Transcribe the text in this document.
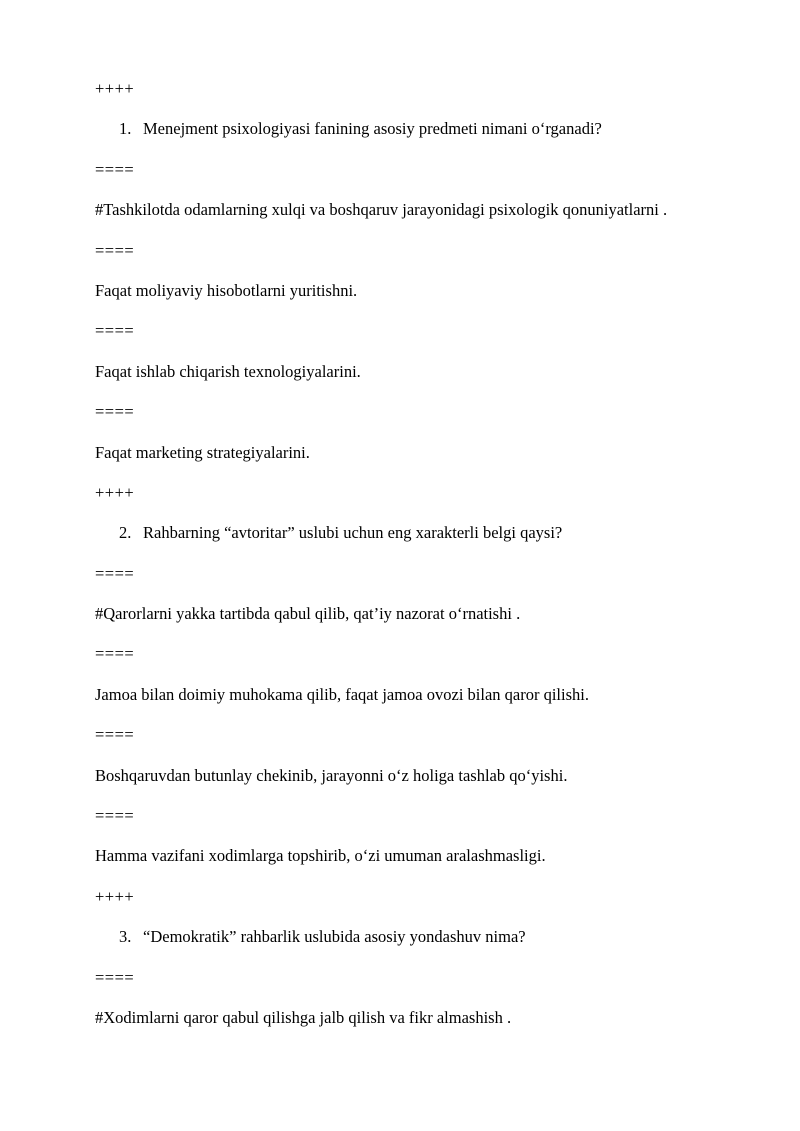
++++
1. Menejment psixologiyasi fanining asosiy predmeti nimani o‘rganadi?
====
#Tashkilotda odamlarning xulqi va boshqaruv jarayonidagi psixologik qonuniyatlarni .
====
Faqat moliyaviy hisobotlarni yuritishni.
====
Faqat ishlab chiqarish texnologiyalarini.
====
Faqat marketing strategiyalarini.
++++
2. Rahbarning “avtoritar” uslubi uchun eng xarakterli belgi qaysi?
====
#Qarorlarni yakka tartibda qabul qilib, qat’iy nazorat o‘rnatishi .
====
Jamoa bilan doimiy muhokama qilib, faqat jamoa ovozi bilan qaror qilishi.
====
Boshqaruvdan butunlay chekinib, jarayonni o‘z holiga tashlab qo‘yishi.
====
Hamma vazifani xodimlarga topshirib, o‘zi umuman aralashmasligi.
++++
3. “Demokratik” rahbarlik uslubida asosiy yondashuv nima?
====
#Xodimlarni qaror qabul qilishga jalb qilish va fikr almashish .
